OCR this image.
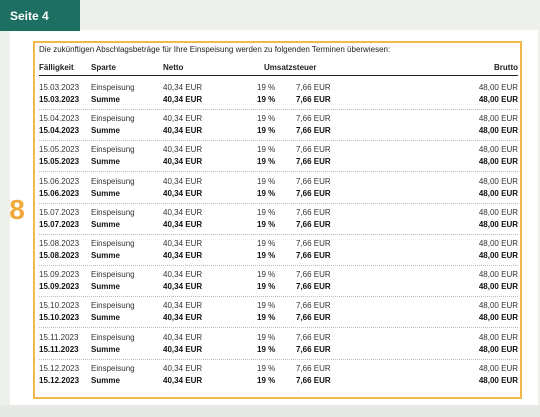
Seite 4
8
Die zukünftigen Abschlagsbeträge für Ihre Einspeisung werden zu folgenden Terminen überwiesen:
Fälligkeit Sparte	Netto	Umsatzsteuer	Brutto
15.03.2023 Einspeisung	40,34 EUR	19 %	7,66 EUR	48,00 EUR
15.03.2023 Summe	40,34 EUR	19 %	7,66 EUR	48,00 EUR
15.04.2023 Einspeisung	40,34 EUR	19 %	7,66 EUR	48,00 EUR
15.04.2023 Summe	40,34 EUR	19 %	7,66 EUR	48,00 EUR
15.05.2023 Einspeisung	40,34 EUR	19 %	7,66 EUR	48,00 EUR
15.05.2023 Summe	40,34 EUR	19 %	7,66 EUR	48,00 EUR
15.06.2023 Einspeisung	40,34 EUR	19 %	7,66 EUR	48,00 EUR
15.06.2023 Summe	40,34 EUR	19 %	7,66 EUR	48,00 EUR
15.07.2023 Einspeisung	40,34 EUR	19 %	7,66 EUR	48,00 EUR
15.07.2023 Summe	40,34 EUR	19 %	7,66 EUR	48,00 EUR
15.08.2023 Einspeisung	40,34 EUR	19 %	7,66 EUR	48,00 EUR
15.08.2023 Summe	40,34 EUR	19 %	7,66 EUR	48,00 EUR
15.09.2023 Einspeisung	40,34 EUR	19 %	7,66 EUR	48,00 EUR
15.09.2023 Summe	40,34 EUR	19 %	7,66 EUR	48,00 EUR
15.10.2023 Einspeisung	40,34 EUR	19 %	7,66 EUR	48,00 EUR
15.10.2023 Summe	40,34 EUR	19 %	7,66 EUR	48,00 EUR
15.11.2023 Einspeisung	40,34 EUR	19 %	7,66 EUR	48,00 EUR
15.11.2023 Summe	40,34 EUR	19 %	7,66 EUR	48,00 EUR
15.12.2023 Einspeisung	40,34 EUR	19 %	7,66 EUR	48,00 EUR
15.12.2023 Summe	40,34 EUR	19 %	7,66 EUR	48,00 EUR
